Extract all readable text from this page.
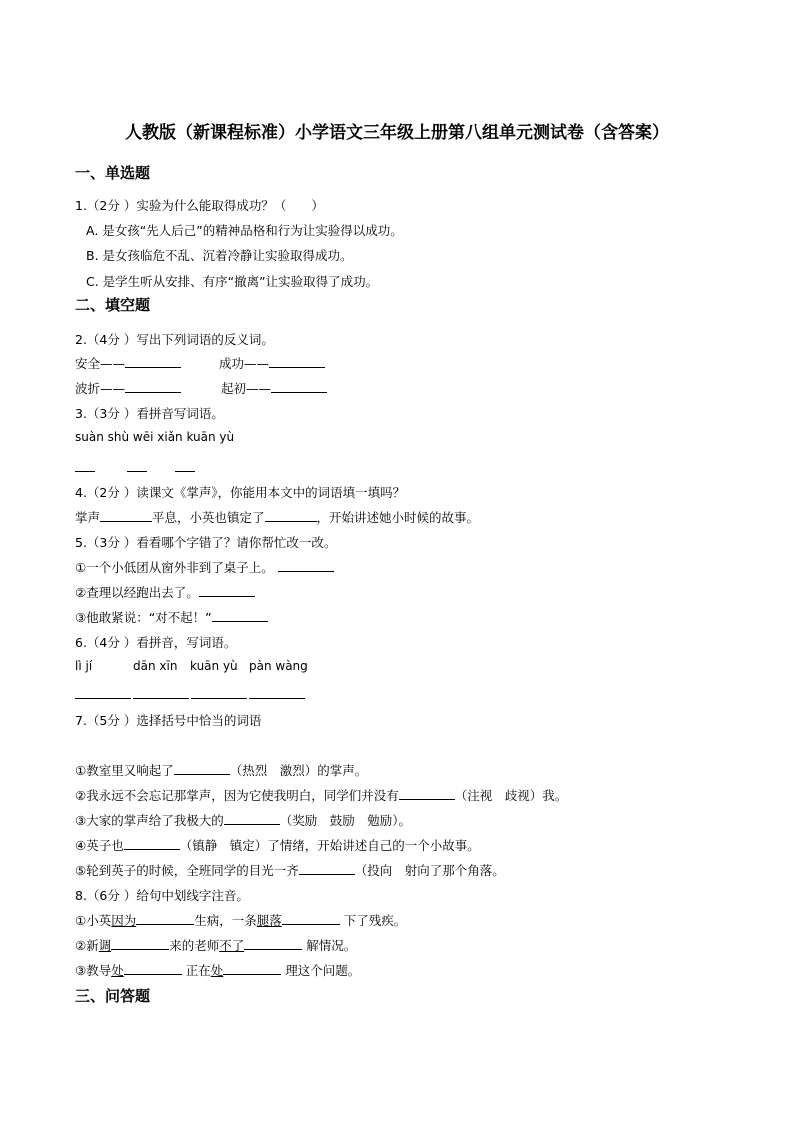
人教版（新课程标准）小学语文三年级上册第八组单元测试卷（含答案）
一、单选题
1.（2分 ）实验为什么能取得成功？（　　）
A. 是女孩“先人后己”的精神品格和行为让实验得以成功。
B. 是女孩临危不乱、沉着冷静让实验取得成功。
C. 是学生听从安排、有序“撤离”让实验取得了成功。
二、填空题
2.（4分 ）写出下列词语的反义词。
安全——	成功——
波折——	起初——
3.（3分 ）看拼音写词语。
suàn shù wēi xiǎn kuān yù
4.（2分 ）读课文《掌声》，你能用本文中的词语填一填吗？
掌声	平息，小英也镇定了	，开始讲述她小时候的故事。
5.（3分 ）看看哪个字错了？请你帮忙改一改。
①一个小低团从窗外非到了桌子上。
②查理以经跑出去了。
③他敢紧说：“对不起！”
6.（4分 ）看拼音，写词语。
lì jí	dān xīn kuān yù pàn wàng
7.（5分 ）选择括号中恰当的词语
①教室里又响起了	（热烈　激烈）的掌声。
②我永远不会忘记那掌声，因为它使我明白，同学们并没有	（注视　歧视）我。
③大家的掌声给了我极大的	（奖励　鼓励　勉励）。
④英子也	（镇静　镇定）了情绪，开始讲述自己的一个小故事。
⑤轮到英子的时候，全班同学的目光一齐	（投向　射向了那个角落。
8.（6分 ）给句中划线字注音。
①小英因为	生病，一条腿落	下了残疾。
②新调	来的老师不了	解情况。
③教导处	正在处	理这个问题。
三、问答题
